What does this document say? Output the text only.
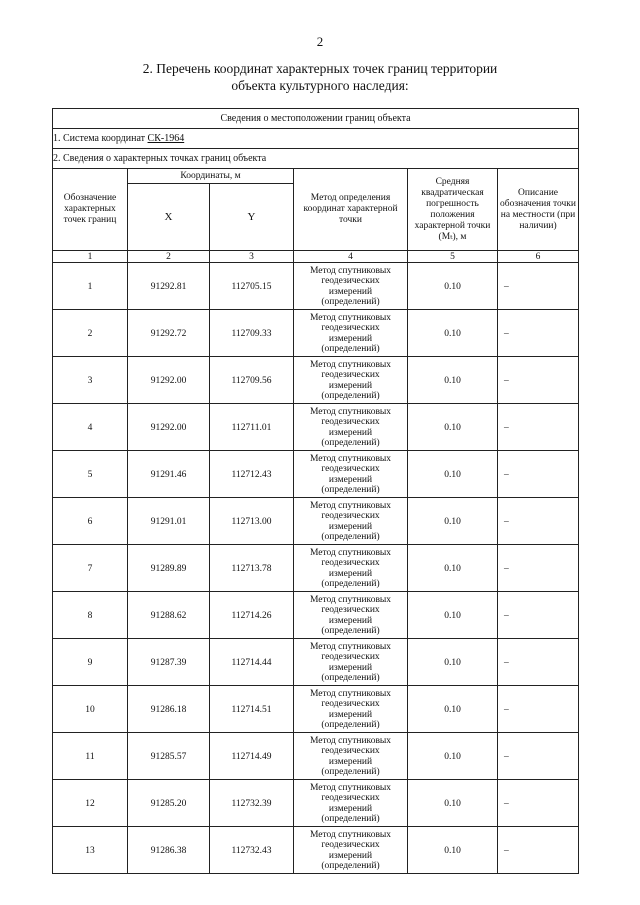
2
2. Перечень координат характерных точек границ территории
объекта культурного наследия:
Сведения о местоположении границ объекта					
1. Система координат СК-1964					
2. Сведения о характерных точках границ объекта					
Обозначение характерных точек границ	Координаты, м		Метод определения координат характерной точки	Средняя квадратическая погрешность положения характерной точки (Mₜ), м	Описание обозначения точки на местности (при наличии)
	X	Y			
1	2	3	4	5	6
1	91292.81	112705.15	Метод спутниковых
геодезических
измерений
(определений)	0.10	–
2	91292.72	112709.33	Метод спутниковых
геодезических
измерений
(определений)	0.10	–
3	91292.00	112709.56	Метод спутниковых
геодезических
измерений
(определений)	0.10	–
4	91292.00	112711.01	Метод спутниковых
геодезических
измерений
(определений)	0.10	–
5	91291.46	112712.43	Метод спутниковых
геодезических
измерений
(определений)	0.10	–
6	91291.01	112713.00	Метод спутниковых
геодезических
измерений
(определений)	0.10	–
7	91289.89	112713.78	Метод спутниковых
геодезических
измерений
(определений)	0.10	–
8	91288.62	112714.26	Метод спутниковых
геодезических
измерений
(определений)	0.10	–
9	91287.39	112714.44	Метод спутниковых
геодезических
измерений
(определений)	0.10	–
10	91286.18	112714.51	Метод спутниковых
геодезических
измерений
(определений)	0.10	–
11	91285.57	112714.49	Метод спутниковых
геодезических
измерений
(определений)	0.10	–
12	91285.20	112732.39	Метод спутниковых
геодезических
измерений
(определений)	0.10	–
13	91286.38	112732.43	Метод спутниковых
геодезических
измерений
(определений)	0.10	–
